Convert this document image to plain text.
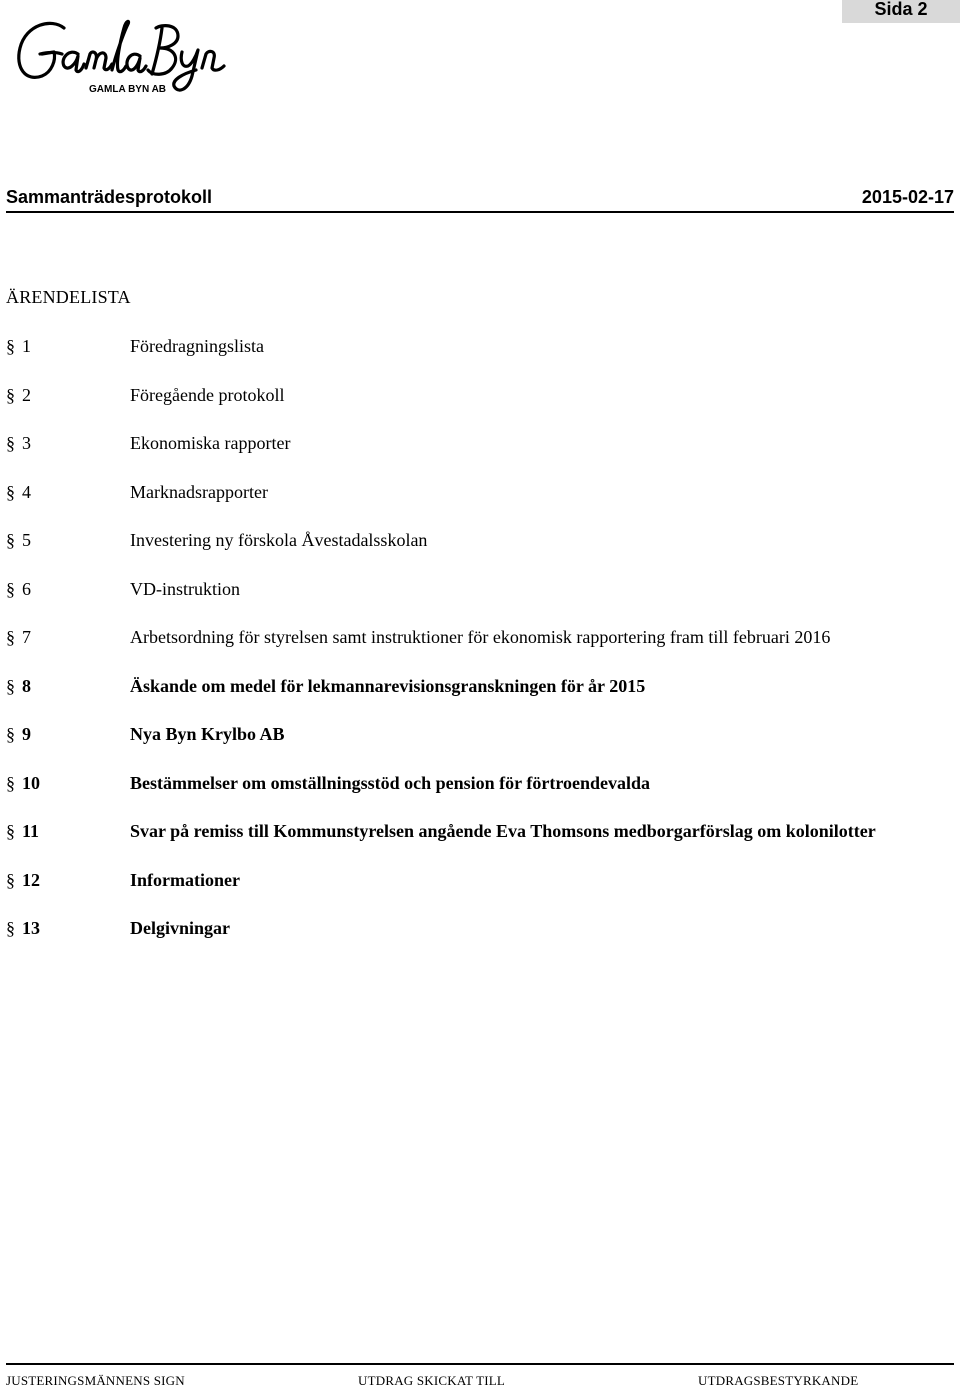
Sida 2
GAMLA BYN AB
Sammanträdesprotokoll	2015-02-17
ÄRENDELISTA
§ 1	Föredragningslista
§ 2	Föregående protokoll
§ 3	Ekonomiska rapporter
§ 4	Marknadsrapporter
§ 5	Investering ny förskola Åvestadalsskolan
§ 6	VD-instruktion
§ 7	Arbetsordning för styrelsen samt instruktioner för ekonomisk rapportering fram till februari 2016
§ 8	Äskande om medel för lekmannarevisionsgranskningen för år 2015
§ 9	Nya Byn Krylbo AB
§ 10	Bestämmelser om omställningsstöd och pension för förtroendevalda
§ 11	Svar på remiss till Kommunstyrelsen angående Eva Thomsons medborgarförslag om kolonilotter
§ 12	Informationer
§ 13	Delgivningar
JUSTERINGSMÄNNENS SIGN	UTDRAG SKICKAT TILL	UTDRAGSBESTYRKANDE
